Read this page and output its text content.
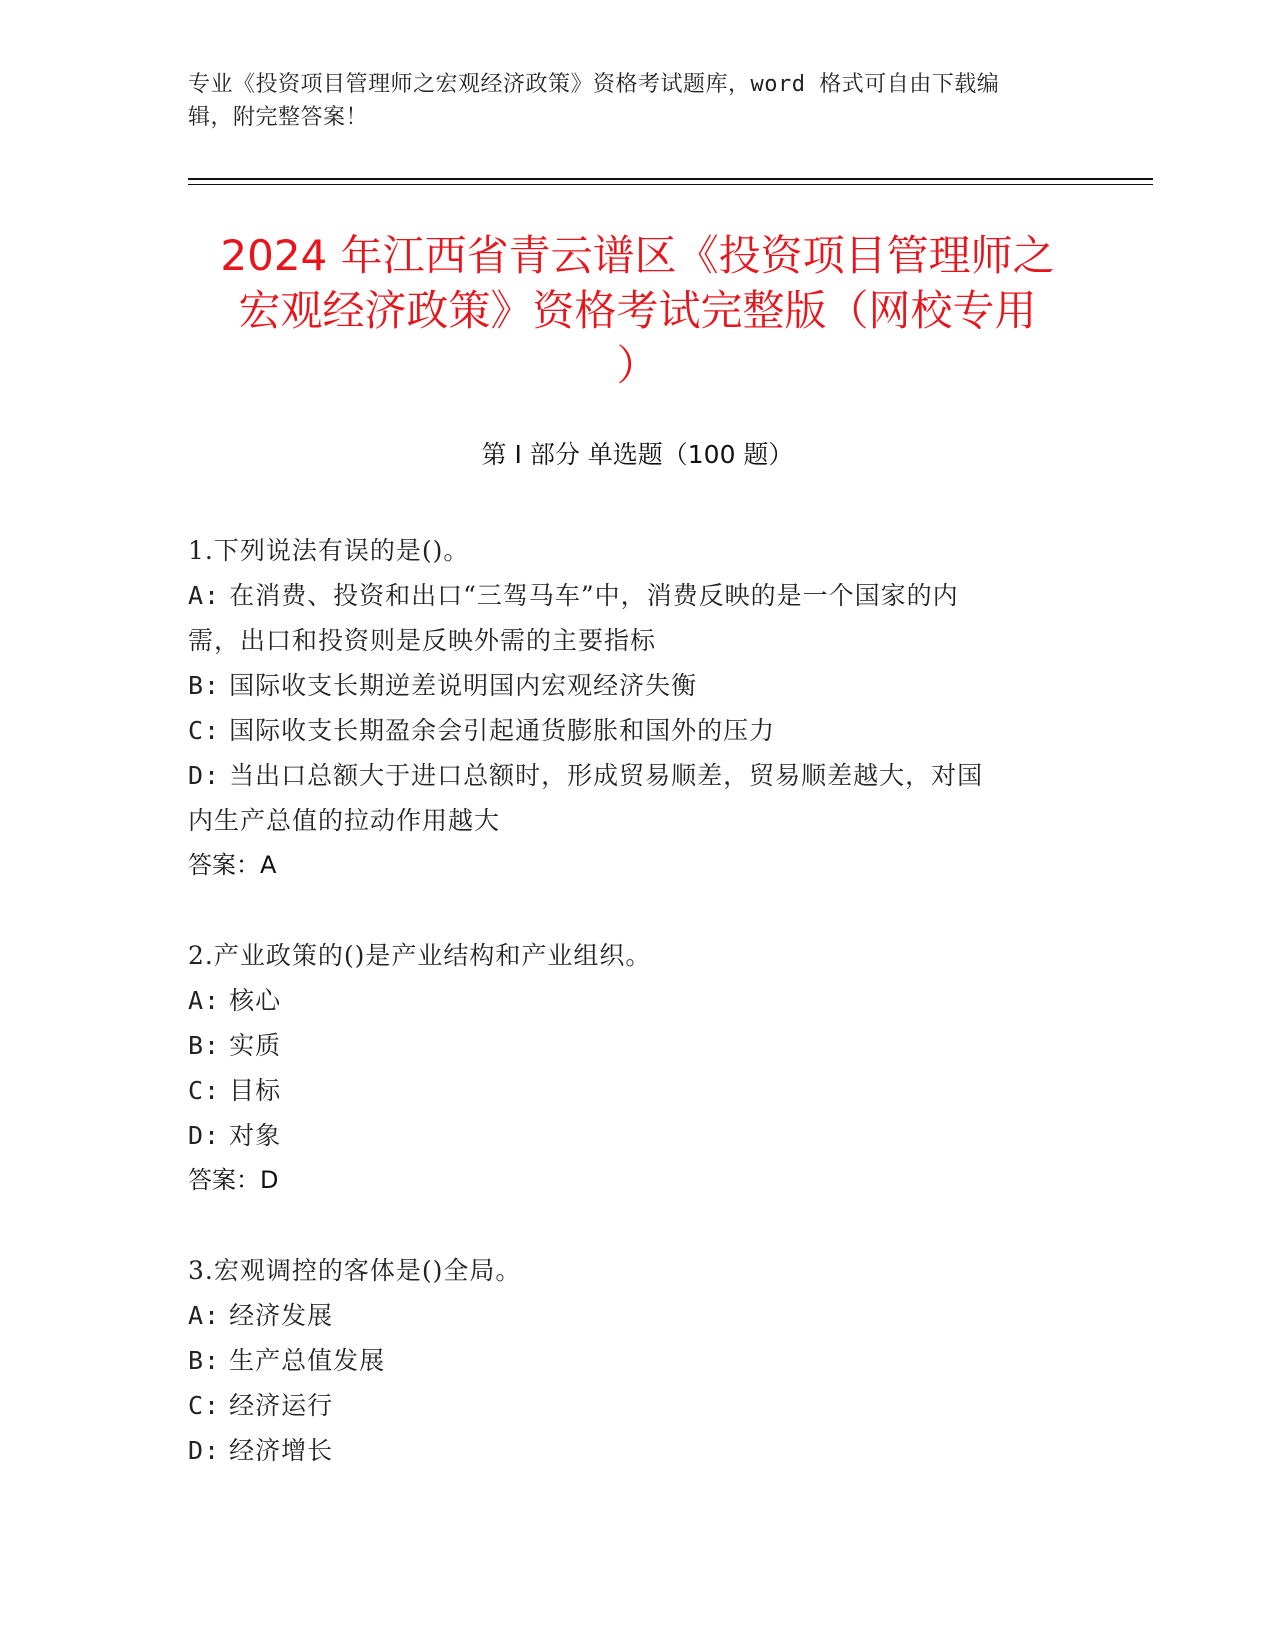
专业《投资项目管理师之宏观经济政策》资格考试题库，word 格式可自由下载编
辑，附完整答案！
2024 年江西省青云谱区《投资项目管理师之
宏观经济政策》资格考试完整版（网校专用
）
第 I 部分 单选题（100 题）
1.下列说法有误的是()。
A: 在消费、投资和出口“三驾马车”中，消费反映的是一个国家的内
需，出口和投资则是反映外需的主要指标
B: 国际收支长期逆差说明国内宏观经济失衡
C: 国际收支长期盈余会引起通货膨胀和国外的压力
D: 当出口总额大于进口总额时，形成贸易顺差，贸易顺差越大，对国
内生产总值的拉动作用越大
答案：A
2.产业政策的()是产业结构和产业组织。
A: 核心
B: 实质
C: 目标
D: 对象
答案：D
3.宏观调控的客体是()全局。
A: 经济发展
B: 生产总值发展
C: 经济运行
D: 经济增长
